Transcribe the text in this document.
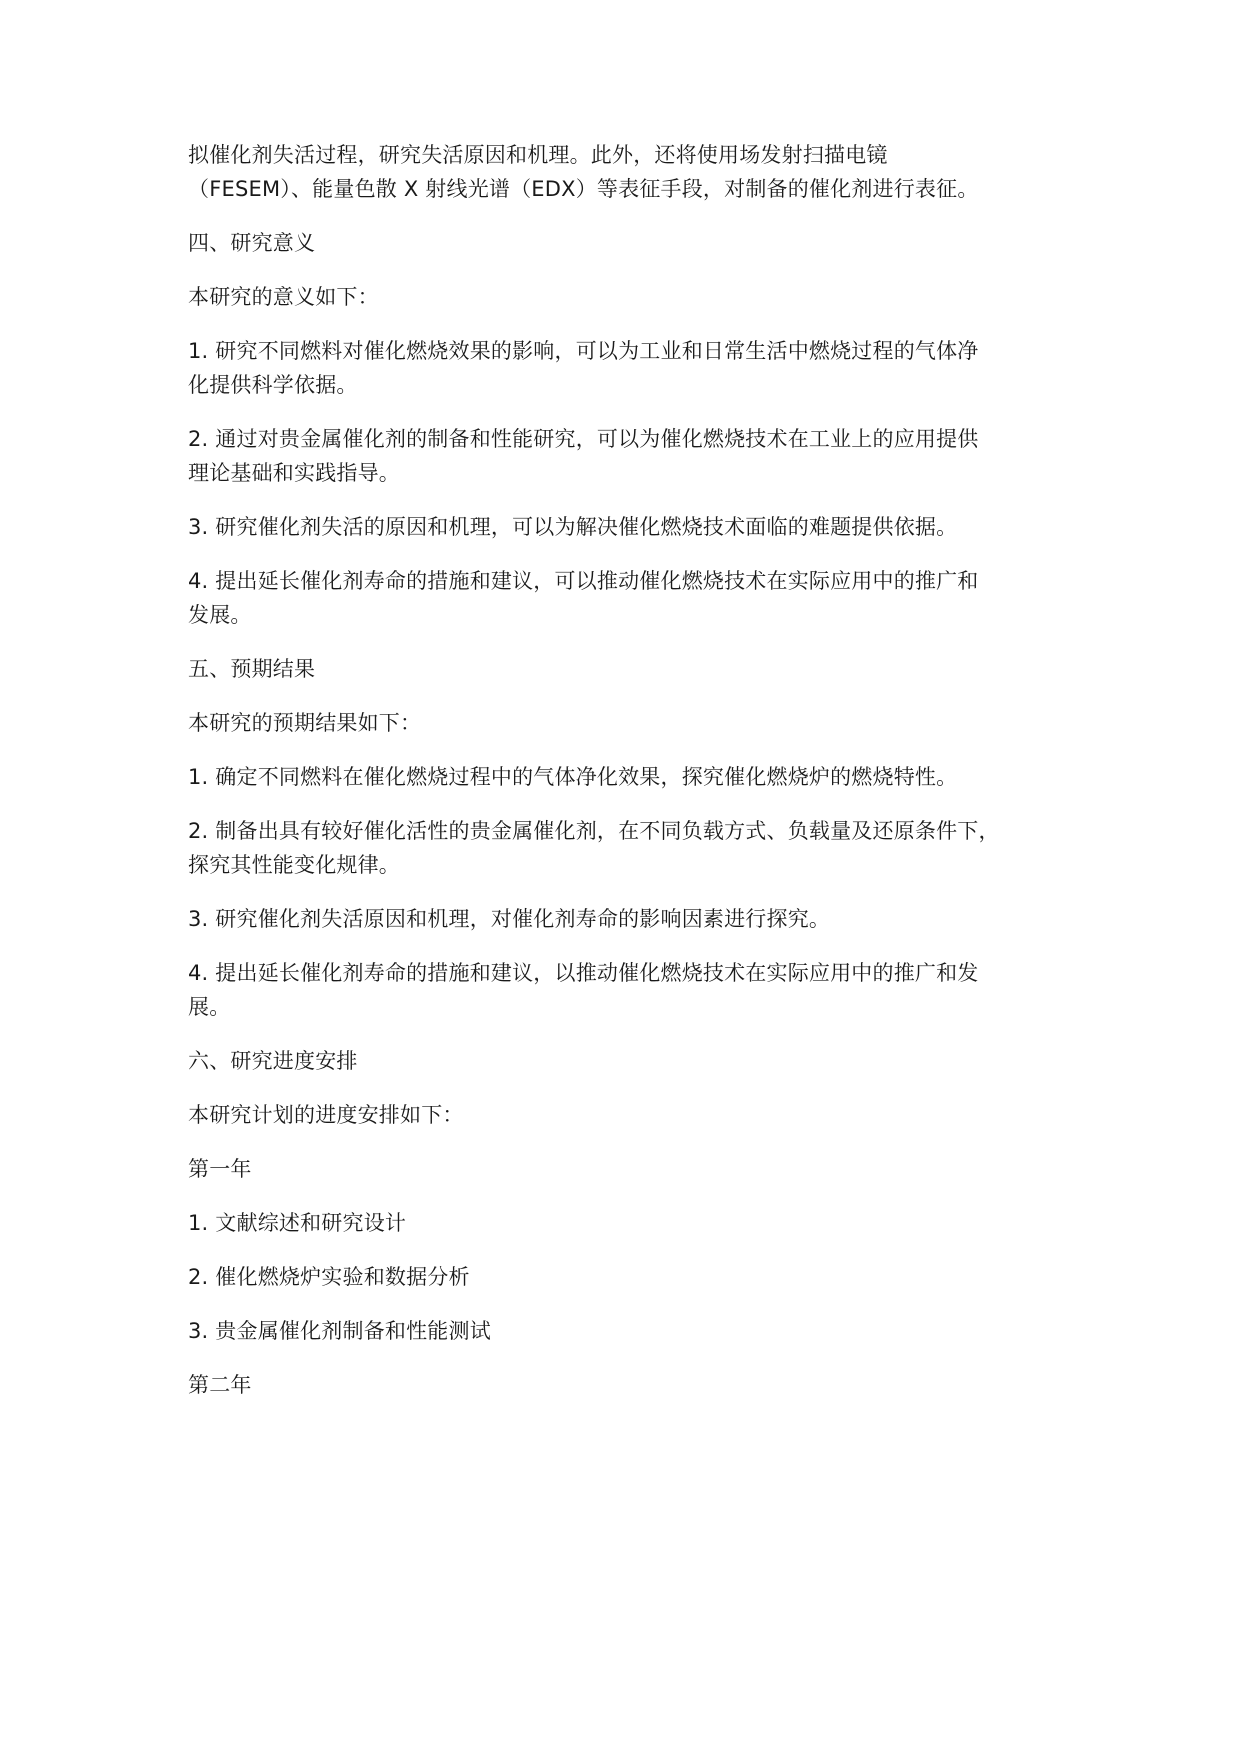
拟催化剂失活过程，研究失活原因和机理。此外，还将使用场发射扫描电镜
（FESEM）、能量色散 X 射线光谱（EDX）等表征手段，对制备的催化剂进行表征。
四、研究意义
本研究的意义如下：
1. 研究不同燃料对催化燃烧效果的影响，可以为工业和日常生活中燃烧过程的气体净
化提供科学依据。
2. 通过对贵金属催化剂的制备和性能研究，可以为催化燃烧技术在工业上的应用提供
理论基础和实践指导。
3. 研究催化剂失活的原因和机理，可以为解决催化燃烧技术面临的难题提供依据。
4. 提出延长催化剂寿命的措施和建议，可以推动催化燃烧技术在实际应用中的推广和
发展。
五、预期结果
本研究的预期结果如下：
1. 确定不同燃料在催化燃烧过程中的气体净化效果，探究催化燃烧炉的燃烧特性。
2. 制备出具有较好催化活性的贵金属催化剂，在不同负载方式、负载量及还原条件下，
探究其性能变化规律。
3. 研究催化剂失活原因和机理，对催化剂寿命的影响因素进行探究。
4. 提出延长催化剂寿命的措施和建议，以推动催化燃烧技术在实际应用中的推广和发
展。
六、研究进度安排
本研究计划的进度安排如下：
第一年
1. 文献综述和研究设计
2. 催化燃烧炉实验和数据分析
3. 贵金属催化剂制备和性能测试
第二年
